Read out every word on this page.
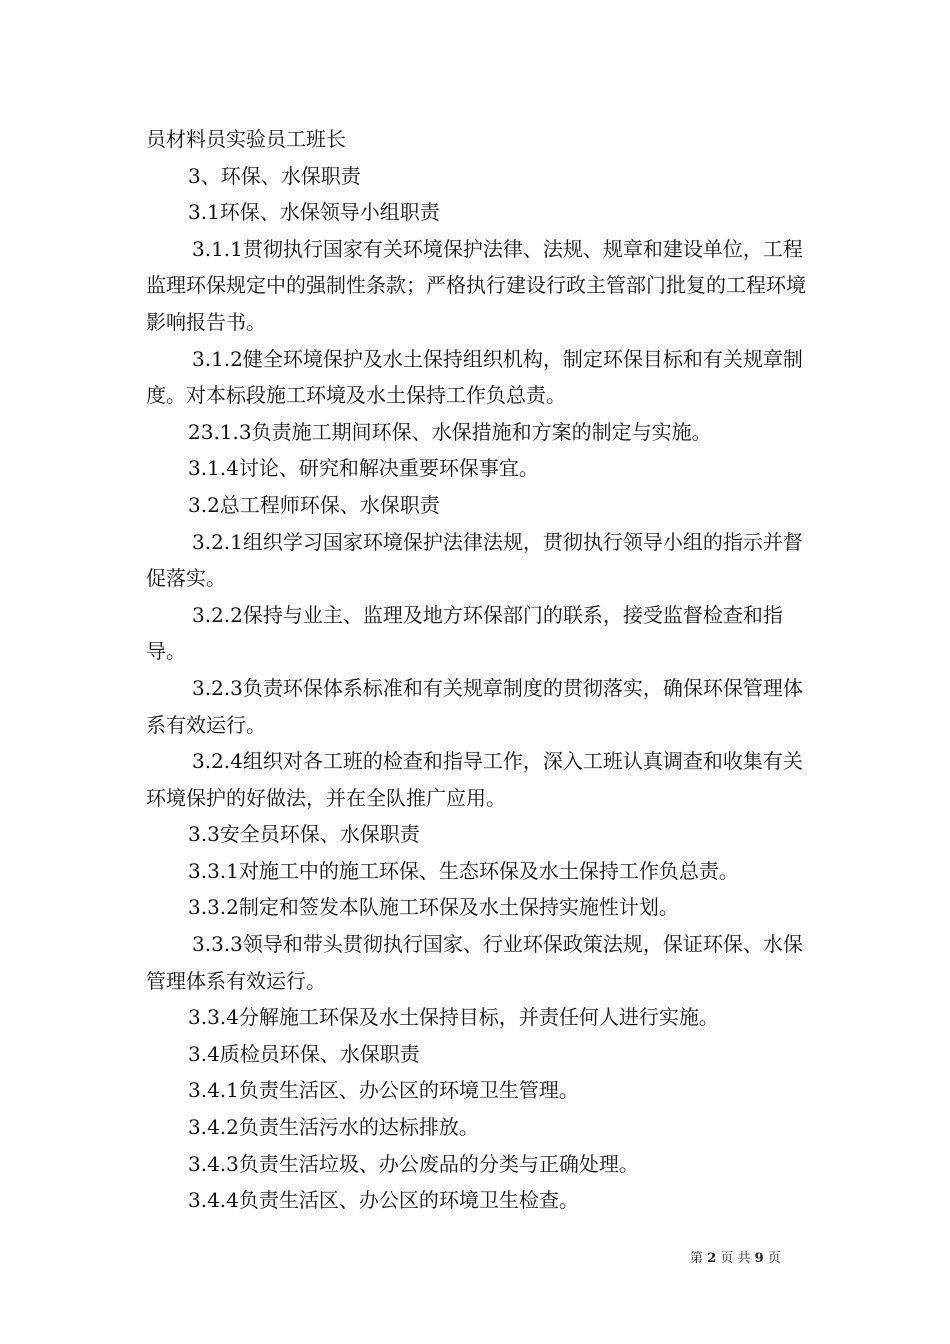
员材料员实验员工班长

3、环保、水保职责

3.1环保、水保领导小组职责

3.1.1贯彻执行国家有关环境保护法律、法规、规章和建设单位，工程监理环保规定中的强制性条款；严格执行建设行政主管部门批复的工程环境影响报告书。

3.1.2健全环境保护及水土保持组织机构，制定环保目标和有关规章制度。对本标段施工环境及水土保持工作负总责。

23.1.3负责施工期间环保、水保措施和方案的制定与实施。

3.1.4讨论、研究和解决重要环保事宜。

3.2总工程师环保、水保职责

3.2.1组织学习国家环境保护法律法规，贯彻执行领导小组的指示并督促落实。

3.2.2保持与业主、监理及地方环保部门的联系，接受监督检查和指导。

3.2.3负责环保体系标准和有关规章制度的贯彻落实，确保环保管理体系有效运行。

3.2.4组织对各工班的检查和指导工作，深入工班认真调查和收集有关环境保护的好做法，并在全队推广应用。

3.3安全员环保、水保职责

3.3.1对施工中的施工环保、生态环保及水土保持工作负总责。

3.3.2制定和签发本队施工环保及水土保持实施性计划。

3.3.3领导和带头贯彻执行国家、行业环保政策法规，保证环保、水保管理体系有效运行。

3.3.4分解施工环保及水土保持目标，并责任何人进行实施。

3.4质检员环保、水保职责

3.4.1负责生活区、办公区的环境卫生管理。

3.4.2负责生活污水的达标排放。

3.4.3负责生活垃圾、办公废品的分类与正确处理。

3.4.4负责生活区、办公区的环境卫生检查。

第 2 页 共 9 页
